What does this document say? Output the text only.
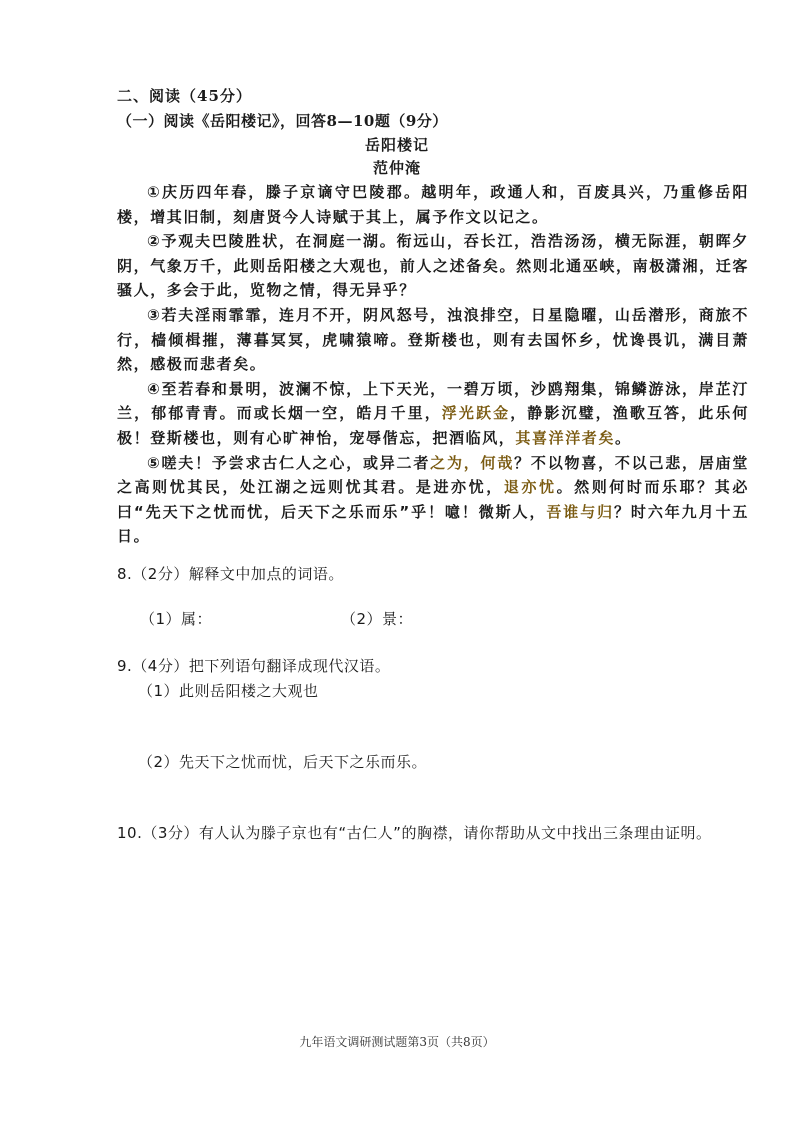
二、阅读（45分）
（一）阅读《岳阳楼记》，回答8—10题（9分）
岳阳楼记
范仲淹

①庆历四年春，滕子京谪守巴陵郡。越明年，政通人和，百废具兴，乃重修岳阳楼，增其旧制，刻唐贤今人诗赋于其上，属予作文以记之。

②予观夫巴陵胜状，在洞庭一湖。衔远山，吞长江，浩浩汤汤，横无际涯，朝晖夕阴，气象万千，此则岳阳楼之大观也，前人之述备矣。然则北通巫峡，南极潇湘，迁客骚人，多会于此，览物之情，得无异乎？

③若夫淫雨霏霏，连月不开，阴风怒号，浊浪排空，日星隐曜，山岳潜形，商旅不行，樯倾楫摧，薄暮冥冥，虎啸猿啼。登斯楼也，则有去国怀乡，忧谗畏讥，满目萧然，感极而悲者矣。

④至若春和景明，波澜不惊，上下天光，一碧万顷，沙鸥翔集，锦鳞游泳，岸芷汀兰，郁郁青青。而或长烟一空，皓月千里，浮光跃金，静影沉璧，渔歌互答，此乐何极！登斯楼也，则有心旷神怡，宠辱偕忘，把酒临风，其喜洋洋者矣。

⑤嗟夫！予尝求古仁人之心，或异二者之为，何哉？不以物喜，不以己悲，居庙堂之高则忧其民，处江湖之远则忧其君。是进亦忧，退亦忧。然则何时而乐耶？其必曰“先天下之忧而忧，后天下之乐而乐”乎！噫！微斯人，吾谁与归？时六年九月十五日。

8.（2分）解释文中加点的词语。
（1）属：	（2）景：
9.（4分）把下列语句翻译成现代汉语。
（1）此则岳阳楼之大观也
（2）先天下之忧而忧，后天下之乐而乐。
10.（3分）有人认为滕子京也有“古仁人”的胸襟，请你帮助从文中找出三条理由证明。
九年语文调研测试题第3页（共8页）
